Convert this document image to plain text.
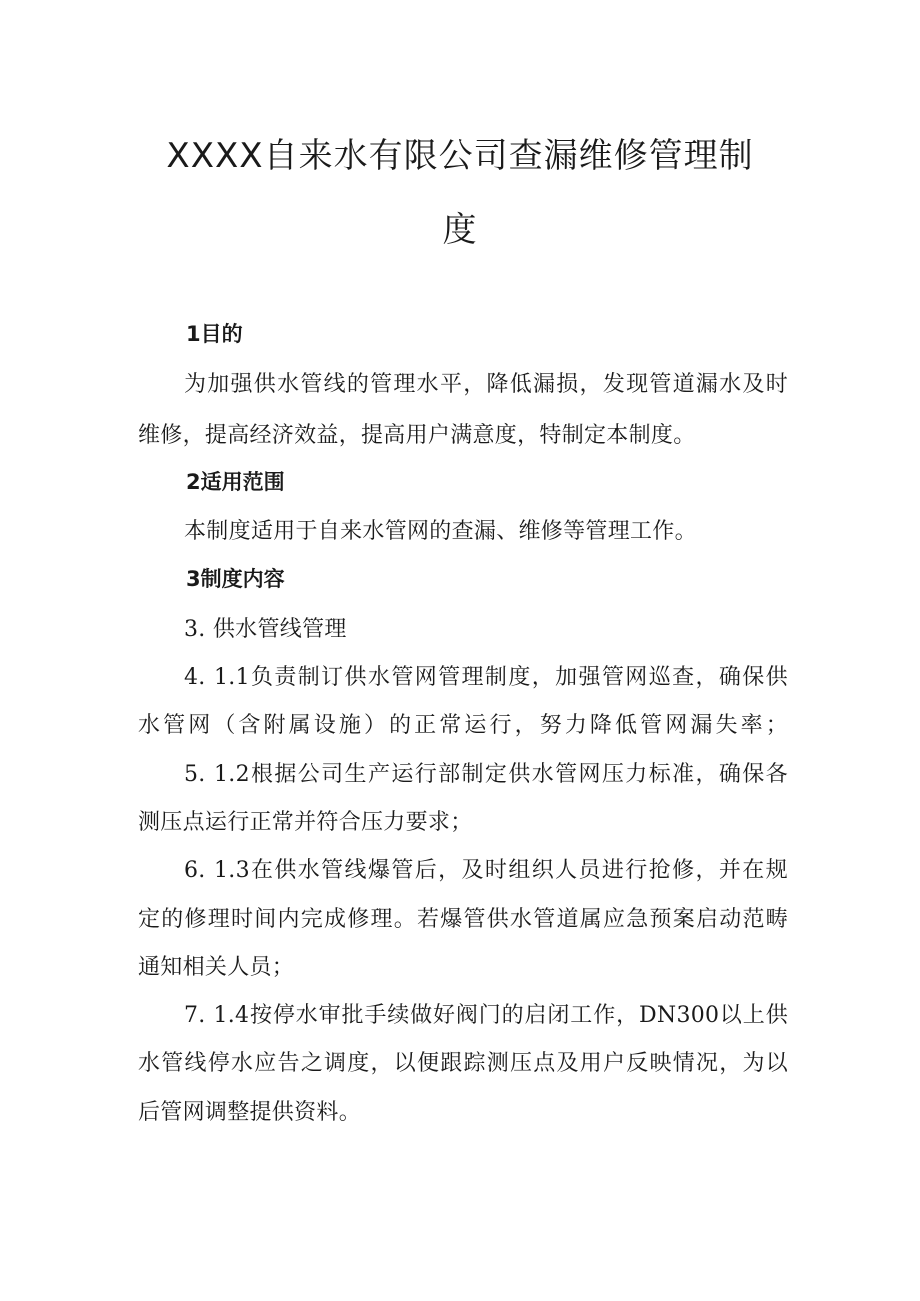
XXXX自来水有限公司查漏维修管理制
度
1目的
为加强供水管线的管理水平，降低漏损，发现管道漏水及时
维修，提高经济效益，提高用户满意度，特制定本制度。
2适用范围
本制度适用于自来水管网的查漏、维修等管理工作。
3制度内容
3. 供水管线管理
4. 1.1负责制订供水管网管理制度，加强管网巡查，确保供
水管网（含附属设施）的正常运行，努力降低管网漏失率；
5. 1.2根据公司生产运行部制定供水管网压力标准，确保各
测压点运行正常并符合压力要求；
6. 1.3在供水管线爆管后，及时组织人员进行抢修，并在规
定的修理时间内完成修理。若爆管供水管道属应急预案启动范畴
通知相关人员；
7. 1.4按停水审批手续做好阀门的启闭工作，DN300以上供
水管线停水应告之调度，以便跟踪测压点及用户反映情况，为以
后管网调整提供资料。
